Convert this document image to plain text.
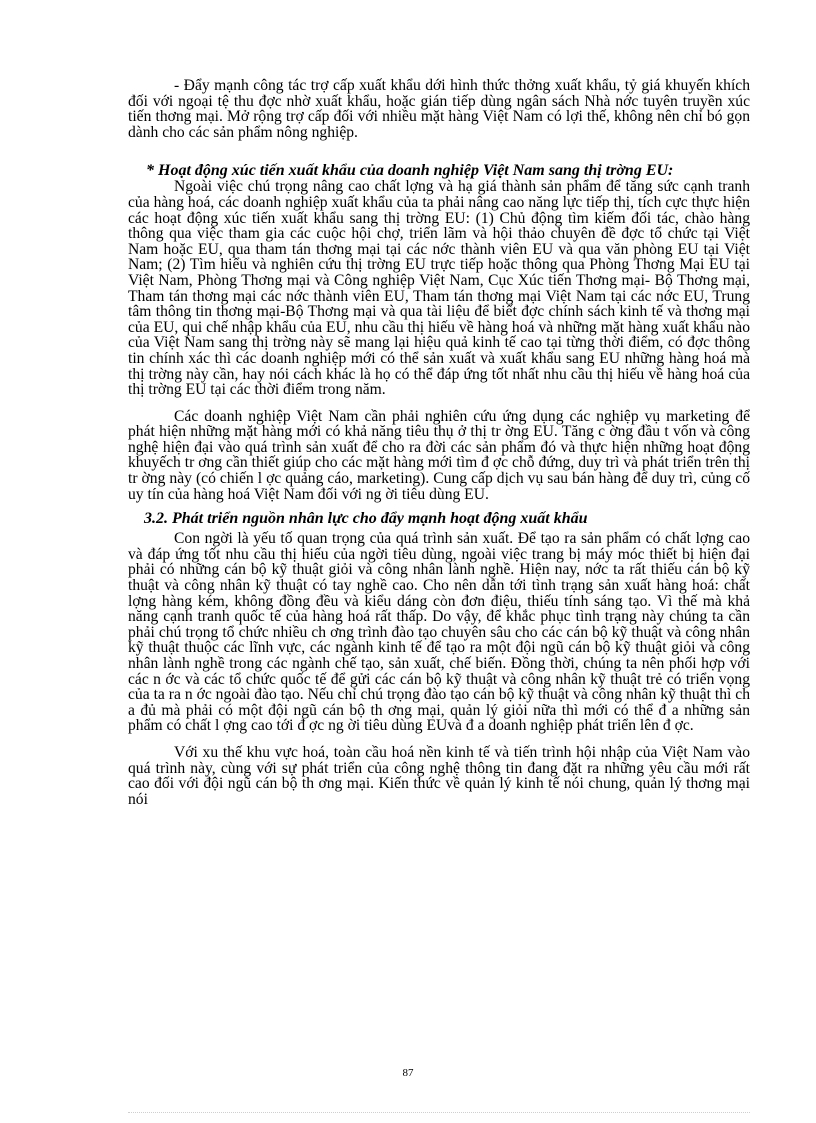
- Đẩy mạnh công tác trợ cấp xuất khẩu dới hình thức thởng xuất khẩu, tỷ giá khuyến khích đối với ngoại tệ thu đợc nhờ xuất khẩu, hoặc gián tiếp dùng ngân sách Nhà nớc tuyên truyền xúc tiến thơng mại. Mở rộng trợ cấp đối với nhiều mặt hàng Việt Nam có lợi thế, không nên chỉ bó gọn dành cho các sản phẩm nông nghiệp.

* Hoạt động xúc tiến xuất khẩu của doanh nghiệp Việt Nam sang thị trờng EU:

Ngoài việc chú trọng nâng cao chất lợng và hạ giá thành sản phẩm để tăng sức cạnh tranh của hàng hoá, các doanh nghiệp xuất khẩu của ta phải nâng cao năng lực tiếp thị, tích cực thực hiện các hoạt động xúc tiến xuất khẩu sang thị trờng EU: (1) Chủ động tìm kiếm đối tác, chào hàng thông qua việc tham gia các cuộc hội chợ, triển lãm và hội thảo chuyên đề đợc tổ chức tại Việt Nam hoặc EU, qua tham tán thơng mại tại các nớc thành viên EU và qua văn phòng EU tại Việt Nam; (2) Tìm hiểu và nghiên cứu thị trờng EU trực tiếp hoặc thông qua Phòng Thơng Mại EU tại Việt Nam, Phòng Thơng mại và Công nghiệp Việt Nam, Cục Xúc tiến Thơng mại- Bộ Thơng mại, Tham tán thơng mại các nớc thành viên EU, Tham tán thơng mại Việt Nam tại các nớc EU, Trung tâm thông tin thơng mại-Bộ Thơng mại và qua tài liệu để biết đợc chính sách kinh tế và thơng mại của EU, qui chế nhập khẩu của EU, nhu cầu thị hiếu về hàng hoá và những mặt hàng xuất khẩu nào của Việt Nam sang thị trờng này sẽ mang lại hiệu quả kinh tế cao tại từng thời điểm, có đợc thông tin chính xác thì các doanh nghiệp mới có thể sản xuất và xuất khẩu sang EU những hàng hoá mà thị trờng này cần, hay nói cách khác là họ có thể đáp ứng tốt nhất nhu cầu thị hiếu về hàng hoá của thị trờng EU tại các thời điểm trong năm.

Các doanh nghiệp Việt Nam cần phải nghiên cứu ứng dụng các nghiệp vụ marketing để phát hiện những mặt hàng mới có khả năng tiêu thụ ở thị tr ờng EU. Tăng c ờng đầu t vốn và công nghệ hiện đại vào quá trình sản xuất để cho ra đời các sản phẩm đó và thực hiện những hoạt động khuyếch tr ơng cần thiết giúp cho các mặt hàng mới tìm đ ợc chỗ đứng, duy trì và phát triển trên thị tr ờng này (có chiến l ợc quảng cáo, marketing). Cung cấp dịch vụ sau bán hàng để duy trì, củng cố uy tín của hàng hoá Việt Nam đối với ng ời tiêu dùng EU.

3.2. Phát triển nguồn nhân lực cho đẩy mạnh hoạt động xuất khẩu

Con ngời là yếu tố quan trọng của quá trình sản xuất. Để tạo ra sản phẩm có chất lợng cao và đáp ứng tốt nhu cầu thị hiếu của ngời tiêu dùng, ngoài việc trang bị máy móc thiết bị hiện đại phải có những cán bộ kỹ thuật giỏi và công nhân lành nghề. Hiện nay, nớc ta rất thiếu cán bộ kỹ thuật và công nhân kỹ thuật có tay nghề cao. Cho nên dẫn tới tình trạng sản xuất hàng hoá: chất lợng hàng kém, không đồng đều và kiểu dáng còn đơn điệu, thiếu tính sáng tạo. Vì thế mà khả năng cạnh tranh quốc tế của hàng hoá rất thấp. Do vậy, để khắc phục tình trạng này chúng ta cần phải chú trọng tổ chức nhiều ch ơng trình đào tạo chuyên sâu cho các cán bộ kỹ thuật và công nhân kỹ thuật thuộc các lĩnh vực, các ngành kinh tế để tạo ra một đội ngũ cán bộ kỹ thuật giỏi và công nhân lành nghề trong các ngành chế tạo, sản xuất, chế biến. Đồng thời, chúng ta nên phối hợp với các n ớc và các tổ chức quốc tế để gửi các cán bộ kỹ thuật và công nhân kỹ thuật trẻ có triển vọng của ta ra n ớc ngoài đào tạo. Nếu chỉ chú trọng đào tạo cán bộ kỹ thuật và công nhân kỹ thuật thì ch a đủ mà phải có một đội ngũ cán bộ th ơng mại, quản lý giỏi nữa thì mới có thể đ a những sản phẩm có chất l ợng cao tới đ ợc ng ời tiêu dùng EUvà đ a doanh nghiệp phát triển lên đ ợc.

Với xu thế khu vực hoá, toàn cầu hoá nền kinh tế và tiến trình hội nhập của Việt Nam vào quá trình này, cùng với sự phát triển của công nghệ thông tin đang đặt ra những yêu cầu mới rất cao đối với đội ngũ cán bộ th ơng mại. Kiến thức về quản lý kinh tế nói chung, quản lý thơng mại nói

87
